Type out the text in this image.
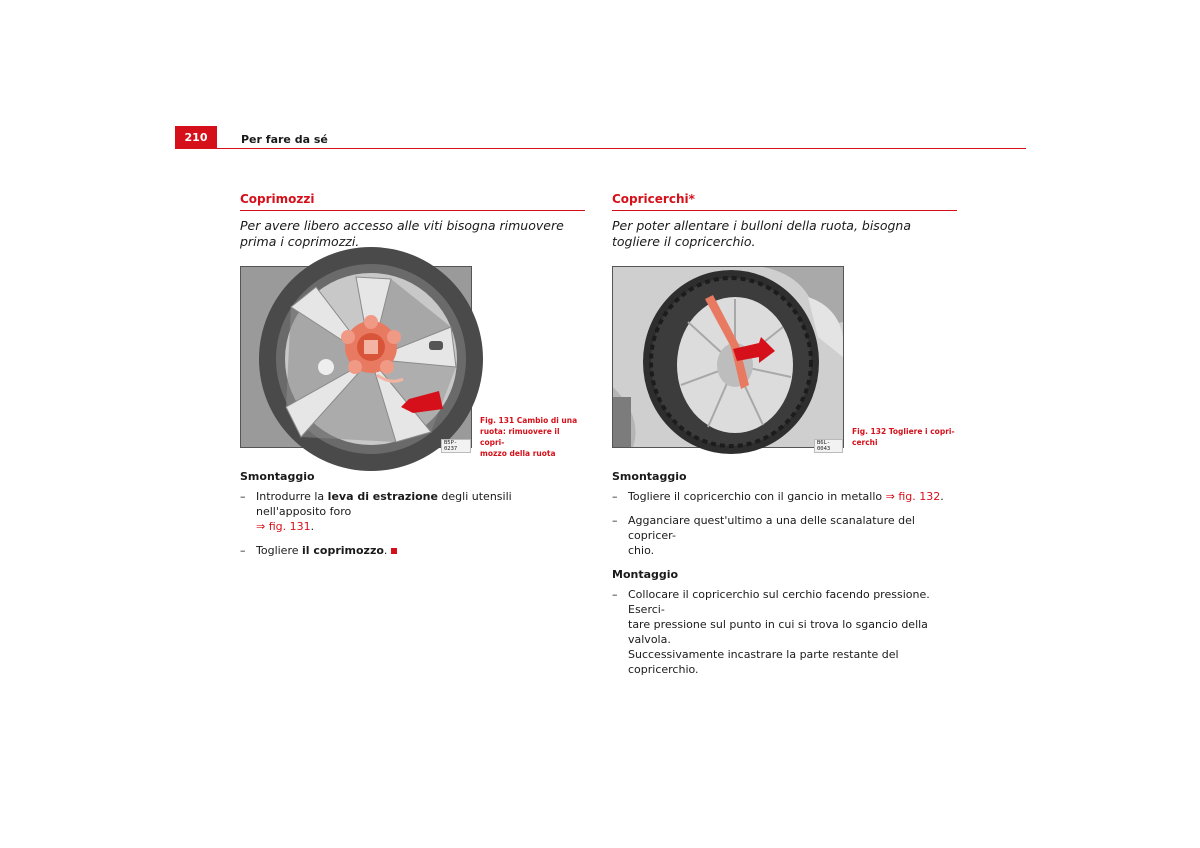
210	Per fare da sé
Coprimozzi
Per avere libero accesso alle viti bisogna rimuovere prima i coprimozzi.
B5P-0237
Fig. 131 Cambio di una
ruota: rimuovere il copri-
mozzo della ruota
Smontaggio
– Introdurre la leva di estrazione degli utensili nell'apposito foro
⇒ fig. 131.
– Togliere il coprimozzo.
Copricerchi*
Per poter allentare i bulloni della ruota, bisogna togliere il copricerchio.
B6L-0043
Fig. 132 Togliere i copri-
cerchi
Smontaggio
– Togliere il copricerchio con il gancio in metallo ⇒ fig. 132.
– Agganciare quest'ultimo a una delle scanalature del copricer-
chio.
Montaggio
– Collocare il copricerchio sul cerchio facendo pressione. Eserci-
tare pressione sul punto in cui si trova lo sgancio della valvola.
Successivamente incastrare la parte restante del copricerchio.
